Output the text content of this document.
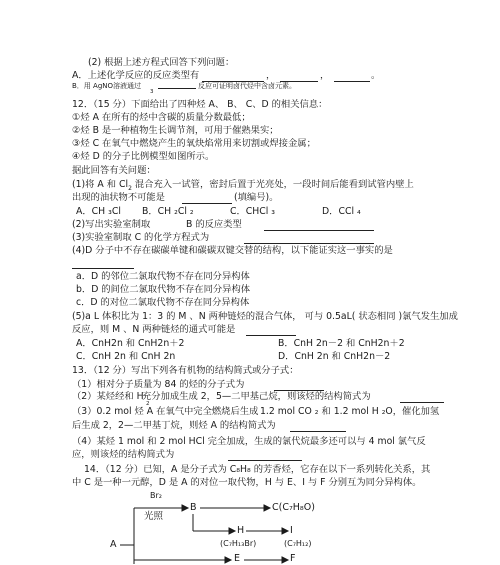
(2) 根据上述方程式回答下列问题：
A．上述化学反应的反应类型有	，	，	。
B．用 AgNO溶液通过	反应可证明卤代烃中含卤元素。
3
12．（15 分）下面给出了四种烃 A、 B、 C、D 的相关信息：
①烃 A 在所有的烃中含碳的质量分数最低；
②烃 B 是一种植物生长调节剂，可用于催熟果实；
③烃 C 在氧气中燃烧产生的氧炔焰常用来切割或焊接金属；
④烃 D 的分子比例模型如图所示。
据此回答有关问题：
(1)将 A 和 $Cl_2$ 混合充入一试管，密封后置于光亮处，一段时间后能看到试管内壁上
出现的油状物不可能是	(填编号)。
A．CH ₃Cl B．CH ₂Cl ₂	C．CHCl ₃	D．CCl ₄
(2)写出实验室制取	B 的反应类型
(3)实验室制取 C 的化学方程式为
(4)D 分子中不存在碳碳单键和碳碳双键交替的结构，以下能证实这一事实的是
a．D 的邻位二氯取代物不存在同分异构体
b．D 的间位二氯取代物不存在同分异构体
c．D 的对位二氯取代物不存在同分异构体
(5)a L 体积比为 1：3 的 M 、N 两种链烃的混合气体， 可与 0.5aL( 状态相同 )氯气发生加成
反应，则 M 、N 两种链烃的通式可能是
A．CnH2n 和 CnH2n＋2	B．CnH 2n－2 和 CnH2n＋2
C．CnH 2n 和 CnH 2n	D．CnH 2n 和 CnH2n－2
13．（12 分）写出下列各有机物的结构简式或分子式：
（1）相对分子质量为 84 的烃的分子式为
（2）某烃经和 H
充分加成生成 2，5—二甲基己烷，则该烃的结构简式为
2
（3）0.2 mol 烃 A 在氧气中完全燃烧后生成 1.2 mol CO ₂ 和 1.2 mol H ₂O，催化加氢
后生成 2，2—二甲基丁烷，则烃 A 的结构简式为
（4）某烃 1 mol 和 2 mol HCl 完全加成，生成的氯代烷最多还可以与 4 mol 氯气反
应，则该烃的结构简式为
14．（12 分）已知，A 是分子式为 C₈H₈ 的芳香烃，它存在以下一系列转化关系，其
中 C 是一种一元醇，D 是 A 的对位一取代物，H 与 E、I 与 F 分别互为同分异构体。
Br₂
光照
A
B	C(C₇H₈O)
H	I
(C₇H₁₃Br)	(C₇H₁₂)
E	F
